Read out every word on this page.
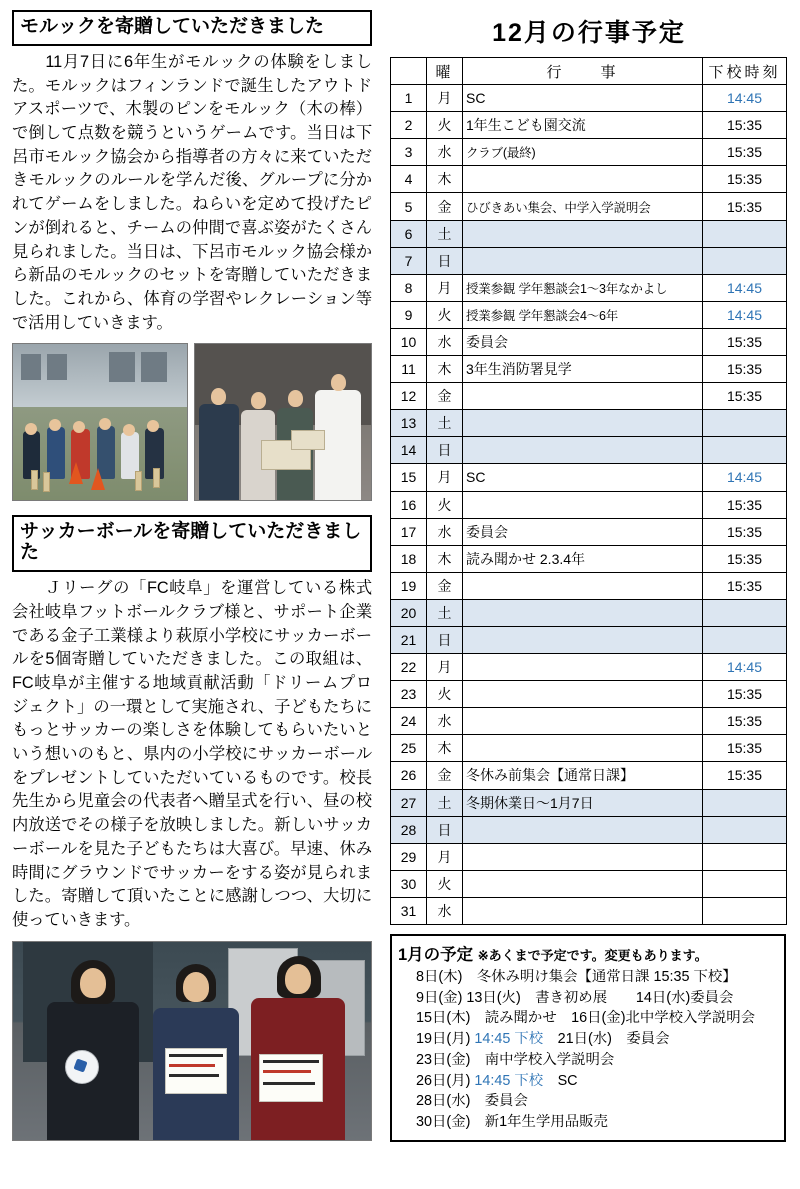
モルックを寄贈していただきました

　11月7日に6年生がモルックの体験をしました。モルックはフィンランドで誕生したアウトドアスポーツで、木製のピンをモルック（木の棒）で倒して点数を競うというゲームです。当日は下呂市モルック協会から指導者の方々に来ていただきモルックのルールを学んだ後、グループに分かれてゲームをしました。ねらいを定めて投げたピンが倒れると、チームの仲間で喜ぶ姿がたくさん見られました。当日は、下呂市モルック協会様から新品のモルックのセットを寄贈していただきました。これから、体育の学習やレクレーション等で活用していきます。

サッカーボールを寄贈していただきました

　Ｊリーグの「FC岐阜」を運営している株式会社岐阜フットボールクラブ様と、サポート企業である金子工業様より萩原小学校にサッカーボールを5個寄贈していただきました。この取組は、FC岐阜が主催する地域貢献活動「ドリームプロジェクト」の一環として実施され、子どもたちにもっとサッカーの楽しさを体験してもらいたいという想いのもと、県内の小学校にサッカーボールをプレゼントしていただいているものです。校長先生から児童会の代表者へ贈呈式を行い、昼の校内放送でその様子を放映しました。新しいサッカーボールを見た子どもたちは大喜び。早速、休み時間にグラウンドでサッカーをする姿が見られました。寄贈して頂いたことに感謝しつつ、大切に使っていきます。

12月の行事予定
	曜	行　　事	下校時刻
1	月	SC	14:45
2	火	1年生こども園交流	15:35
3	水	クラブ(最終)	15:35
4	木		15:35
5	金	ひびきあい集会、中学入学説明会	15:35
6	土		
7	日		
8	月	授業参観 学年懇談会1〜3年なかよし	14:45
9	火	授業参観 学年懇談会4〜6年	14:45
10	水	委員会	15:35
11	木	3年生消防署見学	15:35
12	金		15:35
13	土		
14	日		
15	月	SC	14:45
16	火		15:35
17	水	委員会	15:35
18	木	読み聞かせ 2.3.4年	15:35
19	金		15:35
20	土		
21	日		
22	月		14:45
23	火		15:35
24	水		15:35
25	木		15:35
26	金	冬休み前集会【通常日課】	15:35
27	土	冬期休業日〜1月7日	
28	日		
29	月		
30	火		
31	水		
1月の予定 ※あくまで予定です。変更もあります。
8日(木)　冬休み明け集会【通常日課 15:35 下校】
9日(金) 13日(火)　書き初め展　　14日(水)委員会
15日(木)　読み聞かせ　16日(金)北中学校入学説明会
19日(月) 14:45 下校　21日(水)　委員会
23日(金)　南中学校入学説明会
26日(月) 14:45 下校　SC
28日(水)　委員会
30日(金)　新1年生学用品販売
